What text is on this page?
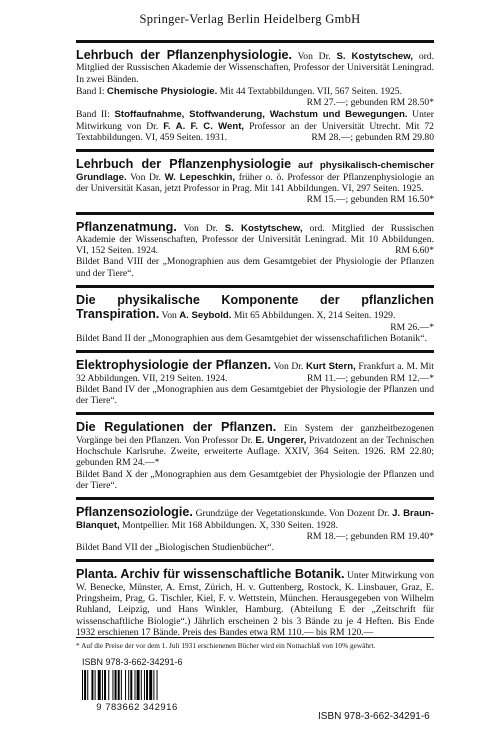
Springer-Verlag Berlin Heidelberg GmbH
Lehrbuch der Pflanzenphysiologie. Von Dr. S. Kostytschew, ord. Mitglied der Russischen Akademie der Wissenschaften, Professor der Universität Leningrad. In zwei Bänden.
Band I: Chemische Physiologie. Mit 44 Textabbildungen. VII, 567 Seiten. 1925.
RM 27.—; gebunden RM 28.50*
Band II: Stoffaufnahme, Stoffwanderung, Wachstum und Bewegungen. Unter Mitwirkung von Dr. F. A. F. C. Went, Professor an der Universität Utrecht. Mit 72 Textabbildungen. VI, 459 Seiten. 1931.	RM 28.—; gebunden RM 29.80
Lehrbuch der Pflanzenphysiologie auf physikalisch-chemischer Grundlage. Von Dr. W. Lepeschkin, früher o. ö. Professor der Pflanzenphysiologie an der Universität Kasan, jetzt Professor in Prag. Mit 141 Abbildungen. VI, 297 Seiten. 1925.
RM 15.—; gebunden RM 16.50*
Pflanzenatmung. Von Dr. S. Kostytschew, ord. Mitglied der Russischen Akademie der Wissenschaften, Professor der Universität Leningrad. Mit 10 Abbildungen. VI, 152 Seiten. 1924.	RM 6.60*
Bildet Band VIII der „Monographien aus dem Gesamtgebiet der Physiologie der Pflanzen und der Tiere“.
Die physikalische Komponente der pflanzlichen Transpiration. Von A. Seybold. Mit 65 Abbildungen. X, 214 Seiten. 1929.
RM 26.—*
Bildet Band II der „Monographien aus dem Gesamtgebiet der wissenschaftlichen Botanik“.
Elektrophysiologie der Pflanzen. Von Dr. Kurt Stern, Frankfurt a. M. Mit 32 Abbildungen. VII, 219 Seiten. 1924.	RM 11.—; gebunden RM 12.—*
Bildet Band IV der „Monographien aus dem Gesamtgebiet der Physiologie der Pflanzen und der Tiere“.
Die Regulationen der Pflanzen. Ein System der ganzheitbezogenen Vorgänge bei den Pflanzen. Von Professor Dr. E. Ungerer, Privatdozent an der Technischen Hochschule Karlsruhe. Zweite, erweiterte Auflage. XXIV, 364 Seiten. 1926. RM 22.80; gebunden RM 24.—*
Bildet Band X der „Monographien aus dem Gesamtgebiet der Physiologie der Pflanzen und der Tiere“.
Pflanzensoziologie. Grundzüge der Vegetationskunde. Von Dozent Dr. J. Braun-Blanquet, Montpellier. Mit 168 Abbildungen. X, 330 Seiten. 1928.
RM 18.—; gebunden RM 19.40*
Bildet Band VII der „Biologischen Studienbücher“.
Planta. Archiv für wissenschaftliche Botanik. Unter Mitwirkung von W. Benecke, Münster, A. Ernst, Zürich, H. v. Guttenberg, Rostock, K. Linsbauer, Graz, E. Pringsheim, Prag, G. Tischler, Kiel, F. v. Wettstein, München. Herausgegeben von Wilhelm Ruhland, Leipzig, und Hans Winkler, Hamburg. (Abteilung E der „Zeitschrift für wissenschaftliche Biologie“.) Jährlich erscheinen 2 bis 3 Bände zu je 4 Heften. Bis Ende 1932 erschienen 17 Bände. Preis des Bandes etwa RM 110.— bis RM 120.—
* Auf die Preise der vor dem 1. Juli 1931 erschienenen Bücher wird ein Notnachlaß von 10% gewährt.
ISBN 978-3-662-34291-6
9 783662 342916
ISBN 978-3-662-34291-6
